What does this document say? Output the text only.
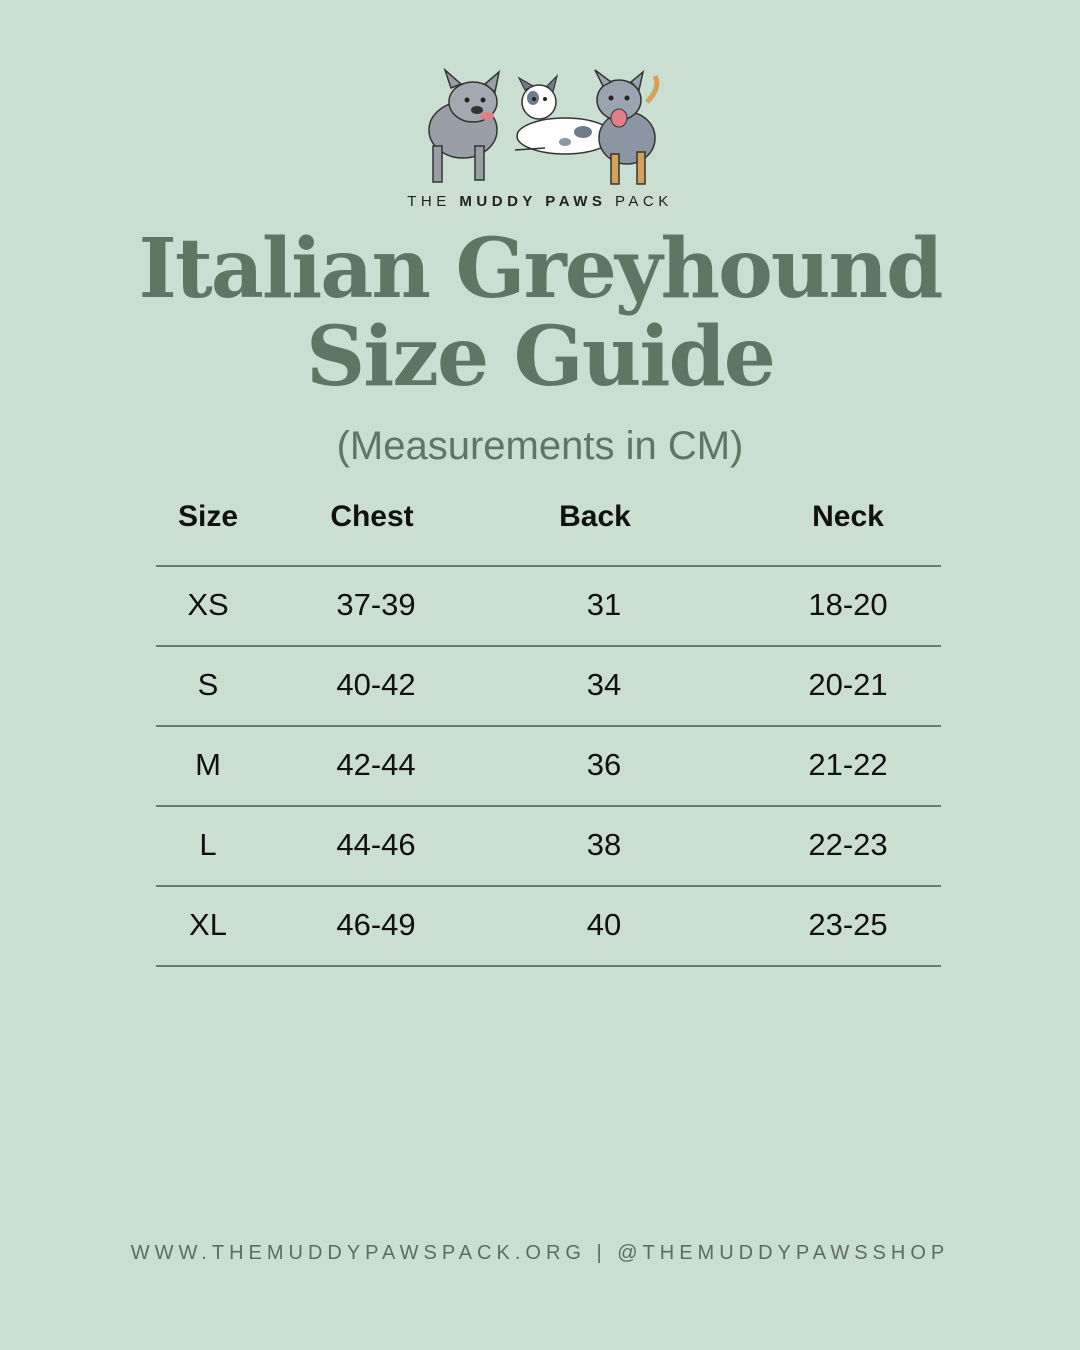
THE MUDDY PAWS PACK
Italian Greyhound
Size Guide
(Measurements in CM)
Size	Chest	Back	Neck
XS	37-39	31	18-20
S	40-42	34	20-21
M	42-44	36	21-22
L	44-46	38	22-23
XL	46-49	40	23-25
WWW.THEMUDDYPAWSPACK.ORG | @THEMUDDYPAWSSHOP
